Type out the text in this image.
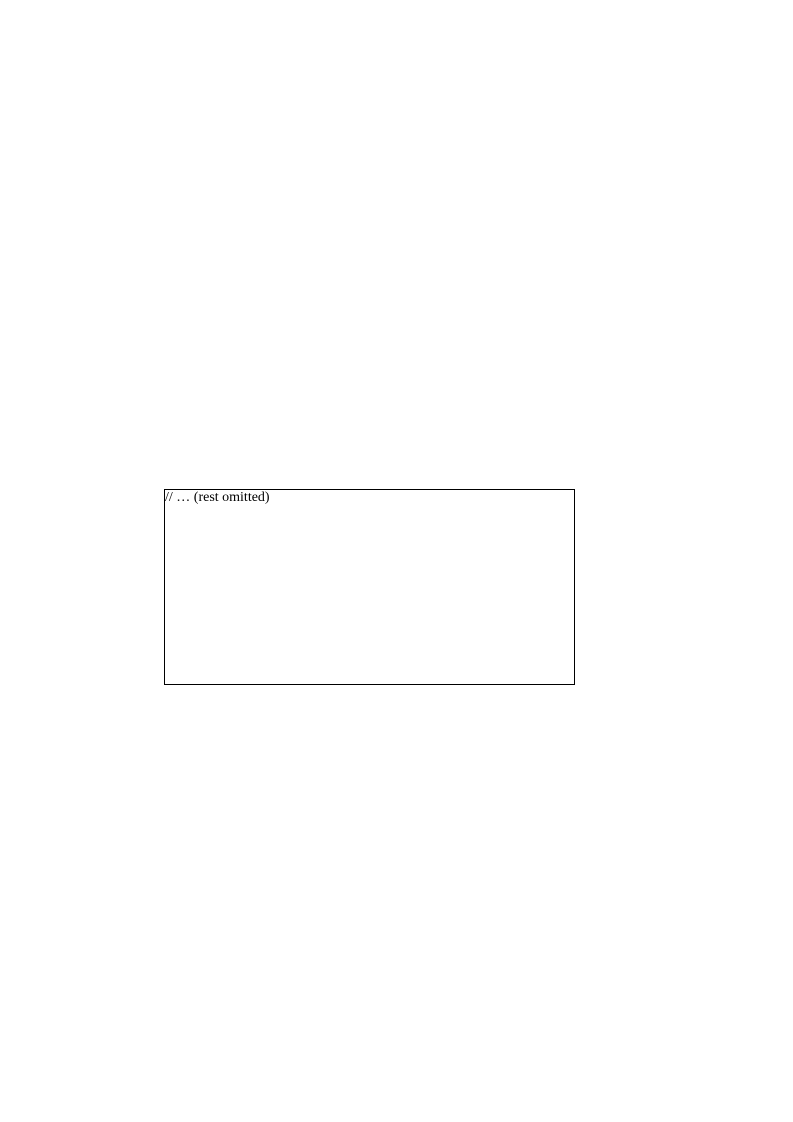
// … (rest omitted)
